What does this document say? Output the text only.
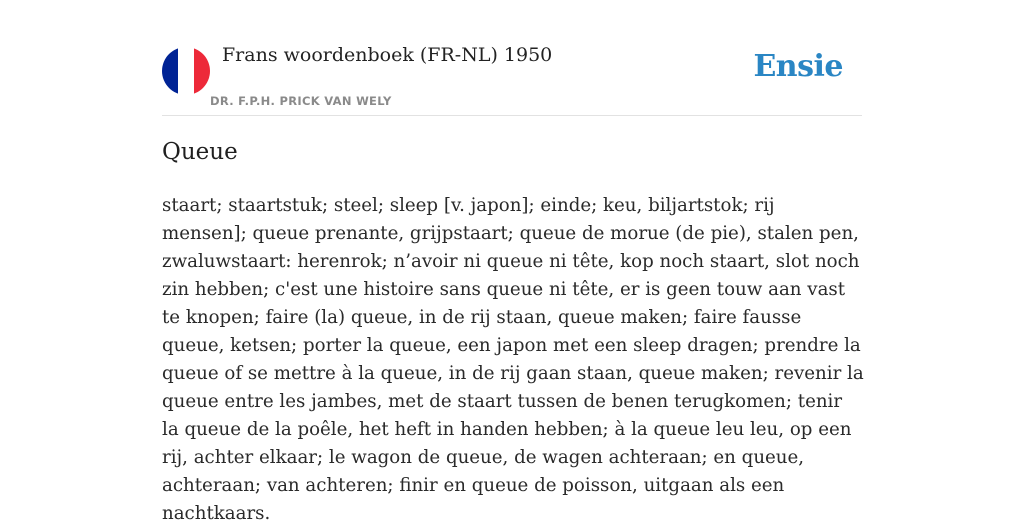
Frans woordenboek (FR-NL) 1950
DR. F.P.H. PRICK VAN WELY
Ensie
Queue

staart; staartstuk; steel; sleep [v. japon]; einde; keu, biljartstok; rij mensen]; queue prenante, grijpstaart; queue de morue (de pie), stalen pen, zwaluwstaart: herenrok; n’avoir ni queue ni tête, kop noch staart, slot noch zin hebben; c'est une histoire sans queue ni tête, er is geen touw aan vast te knopen; faire (la) queue, in de rij staan, queue maken; faire fausse queue, ketsen; porter la queue, een japon met een sleep dragen; prendre la queue of se mettre à la queue, in de rij gaan staan, queue maken; revenir la queue entre les jambes, met de staart tussen de benen terugkomen; tenir la queue de la poêle, het heft in handen hebben; à la queue leu leu, op een rij, achter elkaar; le wagon de queue, de wagen achteraan; en queue, achteraan; van achteren; finir en queue de poisson, uitgaan als een nachtkaars.
